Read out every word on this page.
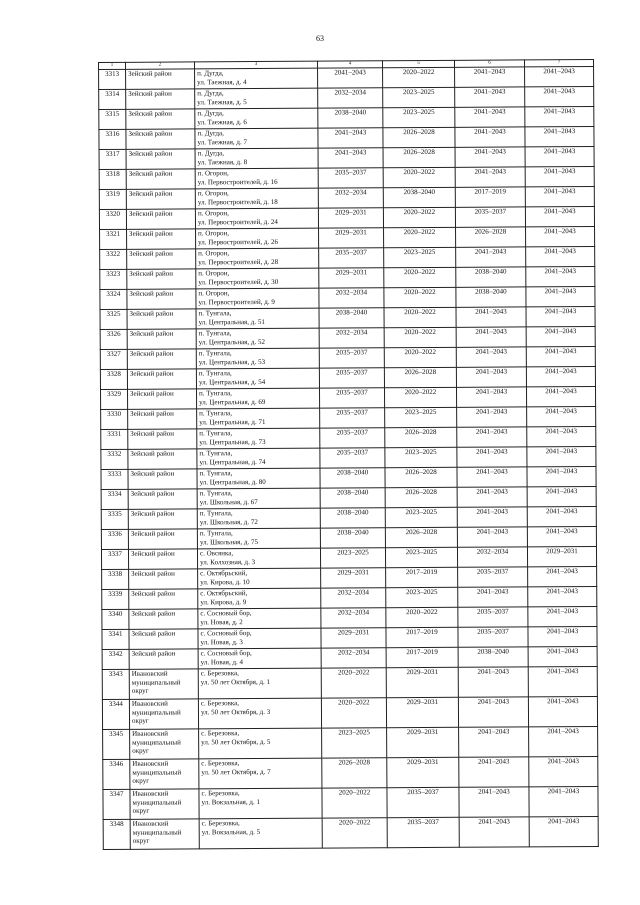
63
1	2	3	4	5	6	7
3313	Зейский район	п. Дугда,
ул. Таежная, д. 4	2041–2043	2020–2022	2041–2043	2041–2043

3314	Зейский район	п. Дугда,
ул. Таежная, д. 5	2032–2034	2023–2025	2041–2043	2041–2043

3315	Зейский район	п. Дугда,
ул. Таежная, д. 6	2038–2040	2023–2025	2041–2043	2041–2043

3316	Зейский район	п. Дугда,
ул. Таежная, д. 7	2041–2043	2026–2028	2041–2043	2041–2043

3317	Зейский район	п. Дугда,
ул. Таежная, д. 8	2041–2043	2026–2028	2041–2043	2041–2043

3318	Зейский район	п. Огорон,
ул. Первостроителей, д. 16	2035–2037	2020–2022	2041–2043	2041–2043

3319	Зейский район	п. Огорон,
ул. Первостроителей, д. 18	2032–2034	2038–2040	2017–2019	2041–2043

3320	Зейский район	п. Огорон,
ул. Первостроителей, д. 24	2029–2031	2020–2022	2035–2037	2041–2043

3321	Зейский район	п. Огорон,
ул. Первостроителей, д. 26	2029–2031	2020–2022	2026–2028	2041–2043

3322	Зейский район	п. Огорон,
ул. Первостроителей, д. 28	2035–2037	2023–2025	2041–2043	2041–2043

3323	Зейский район	п. Огорон,
ул. Первостроителей, д. 30	2029–2031	2020–2022	2038–2040	2041–2043

3324	Зейский район	п. Огорон,
ул. Первостроителей, д. 9	2032–2034	2020–2022	2038–2040	2041–2043

3325	Зейский район	п. Тунгала,
ул. Центральная, д. 51	2038–2040	2020–2022	2041–2043	2041–2043

3326	Зейский район	п. Тунгала,
ул. Центральная, д. 52	2032–2034	2020–2022	2041–2043	2041–2043

3327	Зейский район	п. Тунгала,
ул. Центральная, д. 53	2035–2037	2020–2022	2041–2043	2041–2043

3328	Зейский район	п. Тунгала,
ул. Центральная, д. 54	2035–2037	2026–2028	2041–2043	2041–2043

3329	Зейский район	п. Тунгала,
ул. Центральная, д. 69	2035–2037	2020–2022	2041–2043	2041–2043

3330	Зейский район	п. Тунгала,
ул. Центральная, д. 71	2035–2037	2023–2025	2041–2043	2041–2043

3331	Зейский район	п. Тунгала,
ул. Центральная, д. 73	2035–2037	2026–2028	2041–2043	2041–2043

3332	Зейский район	п. Тунгала,
ул. Центральная, д. 74	2035–2037	2023–2025	2041–2043	2041–2043

3333	Зейский район	п. Тунгала,
ул. Центральная, д. 80	2038–2040	2026–2028	2041–2043	2041–2043

3334	Зейский район	п. Тунгала,
ул. Школьная, д. 67	2038–2040	2026–2028	2041–2043	2041–2043

3335	Зейский район	п. Тунгала,
ул. Школьная, д. 72	2038–2040	2023–2025	2041–2043	2041–2043

3336	Зейский район	п. Тунгала,
ул. Школьная, д. 75	2038–2040	2026–2028	2041–2043	2041–2043

3337	Зейский район	с. Овсянка,
ул. Колхозная, д. 3	2023–2025	2023–2025	2032–2034	2029–2031

3338	Зейский район	с. Октябрьский,
ул. Кирова, д. 10	2029–2031	2017–2019	2035–2037	2041–2043

3339	Зейский район	с. Октябрьский,
ул. Кирова, д. 9	2032–2034	2023–2025	2041–2043	2041–2043

3340	Зейский район	с. Сосновый бор,
ул. Новая, д. 2	2032–2034	2020–2022	2035–2037	2041–2043

3341	Зейский район	с. Сосновый бор,
ул. Новая, д. 3	2029–2031	2017–2019	2035–2037	2041–2043

3342	Зейский район	с. Сосновый бор,
ул. Новая, д. 4	2032–2034	2017–2019	2038–2040	2041–2043

3343	Ивановский
муниципальный
округ	с. Березовка,
ул. 50 лет Октября, д. 1	2020–2022	2029–2031	2041–2043	2041–2043

3344	Ивановский
муниципальный
округ	с. Березовка,
ул. 50 лет Октября, д. 3	2020–2022	2029–2031	2041–2043	2041–2043

3345	Ивановский
муниципальный
округ	с. Березовка,
ул. 50 лет Октября, д. 5	2023–2025	2029–2031	2041–2043	2041–2043

3346	Ивановский
муниципальный
округ	с. Березовка,
ул. 50 лет Октября, д. 7	2026–2028	2029–2031	2041–2043	2041–2043

3347	Ивановский
муниципальный
округ	с. Березовка,
ул. Вокзальная, д. 1	2020–2022	2035–2037	2041–2043	2041–2043

3348	Ивановский
муниципальный
округ	с. Березовка,
ул. Вокзальная, д. 5	2020–2022	2035–2037	2041–2043	2041–2043
